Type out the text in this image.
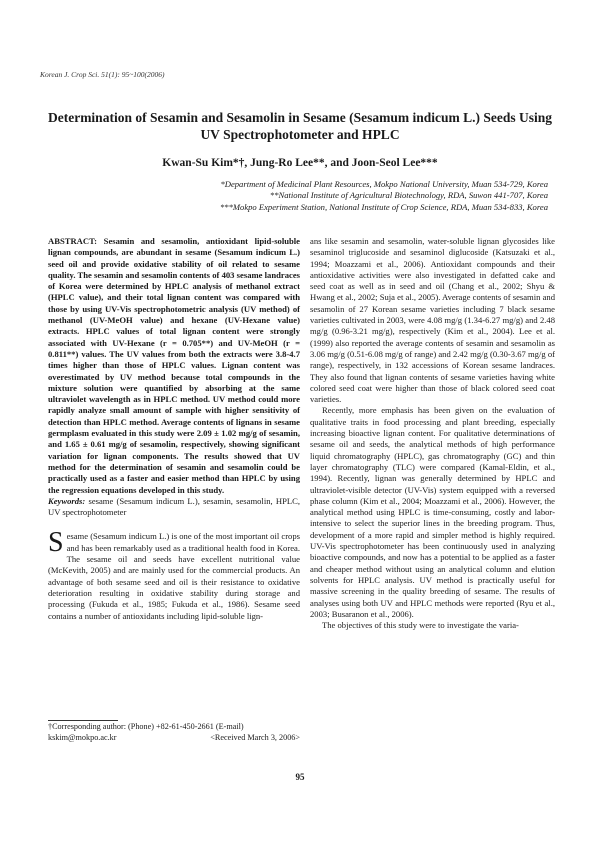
Korean J. Crop Sci. 51(1): 95~100(2006)
Determination of Sesamin and Sesamolin in Sesame (Sesamum indicum L.) Seeds Using UV Spectrophotometer and HPLC
Kwan-Su Kim*†, Jung-Ro Lee**, and Joon-Seol Lee***
*Department of Medicinal Plant Resources, Mokpo National University, Muan 534-729, Korea
**National Institute of Agricultural Biotechnology, RDA, Suwon 441-707, Korea
***Mokpo Experiment Station, National Institute of Crop Science, RDA, Muan 534-833, Korea

ABSTRACT: Sesamin and sesamolin, antioxidant lipid-soluble lignan compounds, are abundant in sesame (Sesamum indicum L.) seed oil and provide oxidative stability of oil related to sesame quality. The sesamin and sesamolin contents of 403 sesame landraces of Korea were determined by HPLC analysis of methanol extract (HPLC value), and their total lignan content was compared with those by using UV-Vis spectrophotometric analysis (UV method) of methanol (UV-MeOH value) and hexane (UV-Hexane value) extracts. HPLC values of total lignan content were strongly associated with UV-Hexane (r = 0.705**) and UV-MeOH (r = 0.811**) values. The UV values from both the extracts were 3.8-4.7 times higher than those of HPLC values. Lignan content was overestimated by UV method because total compounds in the mixture solution were quantified by absorbing at the same ultraviolet wavelength as in HPLC method. UV method could more rapidly analyze small amount of sample with higher sensitivity of detection than HPLC method. Average contents of lignans in sesame germplasm evaluated in this study were 2.09 ± 1.02 mg/g of sesamin, and 1.65 ± 0.61 mg/g of sesamolin, respectively, showing significant variation for lignan components. The results showed that UV method for the determination of sesamin and sesamolin could be practically used as a faster and easier method than HPLC by using the regression equations developed in this study.

Keywords: sesame (Sesamum indicum L.), sesamin, sesamolin, HPLC, UV spectrophotometer

S esame (Sesamum indicum L.) is one of the most important oil crops and has been remarkably used as a traditional health food in Korea. The sesame oil and seeds have excellent nutritional value (McKevith, 2005) and are mainly used for the commercial products. An advantage of both sesame seed and oil is their resistance to oxidative deterioration resulting in oxidative stability during storage and processing (Fukuda et al., 1985; Fukuda et al., 1986). Sesame seed contains a number of antioxidants including lipid-soluble lign-

†Corresponding author: (Phone) +82-61-450-2661 (E-mail) kskim@mokpo.ac.kr	<Received March 3, 2006>

ans like sesamin and sesamolin, water-soluble lignan glycosides like sesaminol triglucoside and sesaminol diglucoside (Katsuzaki et al., 1994; Moazzami et al., 2006). Antioxidant compounds and their antioxidative activities were also investigated in defatted cake and seed coat as well as in seed and oil (Chang et al., 2002; Shyu & Hwang et al., 2002; Suja et al., 2005). Average contents of sesamin and sesamolin of 27 Korean sesame varieties including 7 black sesame varieties cultivated in 2003, were 4.08 mg/g (1.34-6.27 mg/g) and 2.48 mg/g (0.96-3.21 mg/g), respectively (Kim et al., 2004). Lee et al. (1999) also reported the average contents of sesamin and sesamolin as 3.06 mg/g (0.51-6.08 mg/g of range) and 2.42 mg/g (0.30-3.67 mg/g of range), respectively, in 132 accessions of Korean sesame landraces. They also found that lignan contents of sesame varieties having white colored seed coat were higher than those of black colored seed coat varieties.

Recently, more emphasis has been given on the evaluation of qualitative traits in food processing and plant breeding, especially increasing bioactive lignan content. For qualitative determinations of sesame oil and seeds, the analytical methods of high performance liquid chromatography (HPLC), gas chromatography (GC) and thin layer chromatography (TLC) were compared (Kamal-Eldin, et al., 1994). Recently, lignan was generally determined by HPLC and ultraviolet-visible detector (UV-Vis) system equipped with a reversed phase column (Kim et al., 2004; Moazzami et al., 2006). However, the analytical method using HPLC is time-consuming, costly and labor-intensive to select the superior lines in the breeding program. Thus, development of a more rapid and simpler method is highly required. UV-Vis spectrophotometer has been continuously used in analyzing bioactive compounds, and now has a potential to be applied as a faster and cheaper method without using an analytical column and elution solvents for HPLC analysis. UV method is practically useful for massive screening in the quality breeding of sesame. The results of analyses using both UV and HPLC methods were reported (Ryu et al., 2003; Busaranon et al., 2006).

The objectives of this study were to investigate the varia-

95
